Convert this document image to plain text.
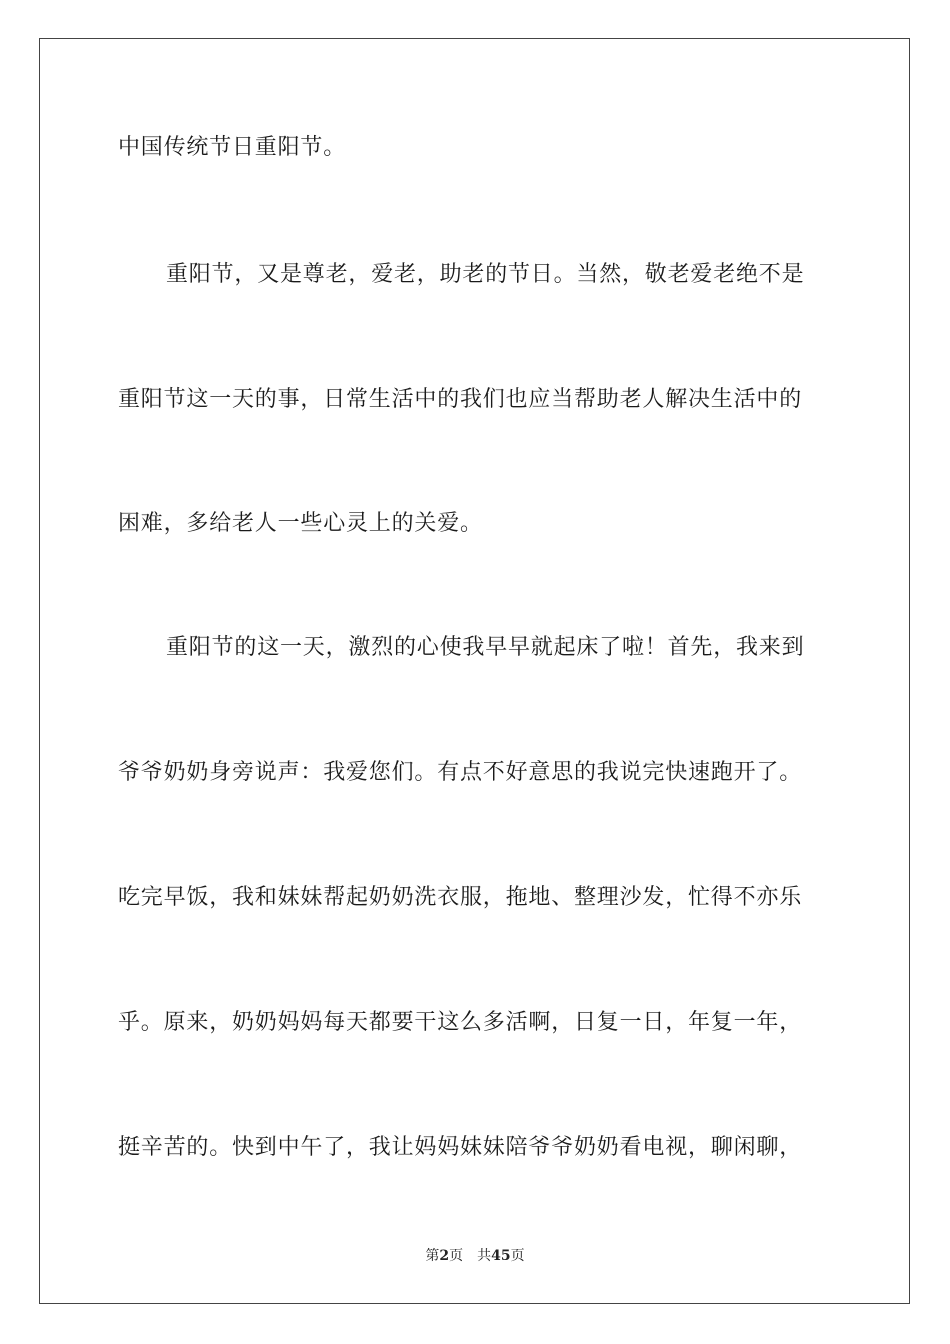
中国传统节日重阳节。
重阳节，又是尊老，爱老，助老的节日。当然，敬老爱老绝不是
重阳节这一天的事，日常生活中的我们也应当帮助老人解决生活中的
困难，多给老人一些心灵上的关爱。
重阳节的这一天，激烈的心使我早早就起床了啦！首先，我来到
爷爷奶奶身旁说声：我爱您们。有点不好意思的我说完快速跑开了。
吃完早饭，我和妹妹帮起奶奶洗衣服，拖地、整理沙发，忙得不亦乐
乎。原来，奶奶妈妈每天都要干这么多活啊，日复一日，年复一年，
挺辛苦的。快到中午了，我让妈妈妹妹陪爷爷奶奶看电视，聊闲聊，
第2页 共45页
